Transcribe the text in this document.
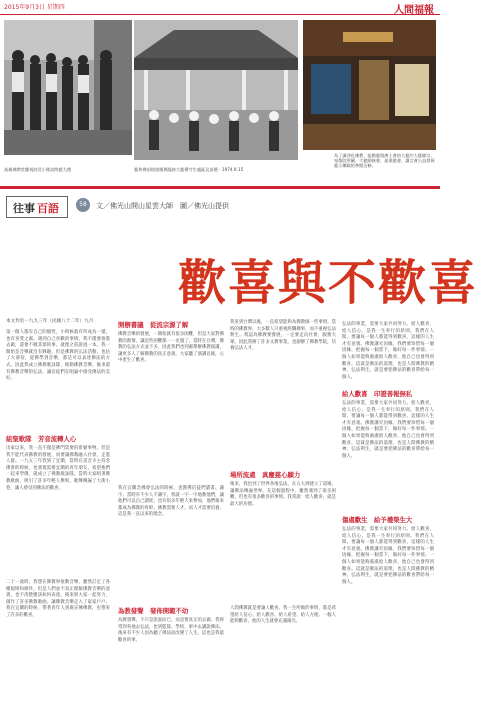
2015年9月3日 星期四	人間福報
高雄佛教堂慶祝院兒小隊訪問慈大禮	慈和佛頂陸陸鳳與臨接大慈禪寺生處區及頂禮・1974.9.15
為了讓淨化佛教，能動慈與濟土會的大慈約大慈師宗，宛都院所屬，大慈師接會，最業慈會，讓言會公益發展慈示爍殿的參閱沼修。
往事 百語	58	文／佛光山開山星雲大師　圖／佛光山提供
歡喜與不歡喜
本文作於一九九三年（民國八十二年）九月
第一個人都有自己的個性，小時候就有所成為一樣，也有喜愛之處。遇到自己喜歡的事情，我不僅要推進去做，還會不厭其煩的事。就像之前說過一本，我一開始是音樂就沒有興趣，但是佛教的弘法活動，也佔了大部份，從佛學到音樂，都是可以表達佛法的方式。因此我成立佛教歌詠隊，推動佛教音樂。後來還有佛教音樂的弘法，讓信徒們在唱誦中感受佛法的美好。
組聖歌隊　芳音流轉人心
出家以來，我一直不僅是佛門需要的新穎事物。但是我不能代表佛教的發展，而要讓佛教融入社會，走進人群。一九五三年我到了宜蘭，當時在雷音寺主持念佛會的時候，也發現需要宜蘭的青年朋友，希望他們一起來學佛，就成立了佛教歌詠隊。當時大家唱著佛教歌曲，吸引了許多年輕人參與，歌聲傳遍了大街小巷，讓人感受到佛法的歡喜。
二十一歲時，我想在佛教界推動音樂，雖然訂定了各種規則和條件。但是人們並不真正理解佛教音樂的意義，也不清楚應該如何表達。後來與大家一起努力，創作了許多佛教歌曲，讓佛教音樂走入了家家戶戶。我在宜蘭的時候，帶著青年人到處宣傳佛教，也帶來了許多的歡喜。
開辦書議　從流宗源了解
佛教音樂的發展，一開始就有很多困難，但是大家對佛教的熱情，讓這些困難都一一克服了。當時在台灣，佛教的弘法方式並不多，因此我們也到處舉辦佛教演講，讓更多人了解佛教的真正意義。大家聽了演講以後，心中產生了歡喜。
我在宜蘭念佛會弘法的時候，也教導信徒們讀書、識字。當時有不少人不識字，我就一字一字地教他們，讓他們可以自己讀經。也有很多年輕人來參加，他們後來都成為佛教的骨幹。佛教需要人才，而人才需要培養，這是我一直以來的理念。
為教發聲　發佈開範不幼
為教發聲，不只是說說而已，而是要真正的去做。我經常到各地去弘法，也到監獄、學校、軍中去講說佛法。後來有不少人因為聽了佛法而改變了人生。這也是我最歡喜的事。
我來到台灣以後，一直希望能夠為佛教做一些事情。當時的佛教界，大多數人只重視經懺佛事，而不重視弘法利生。我認為佛教要發展，一定要走向社會，服務大眾。因此我辦了許多文教事業，也創辦了佛教學院，培養弘法人才。
場所流處　真慶慈心願力
後來，我也到了世界各地弘法，在五大洲建立了道場，讓佛法傳遍世界。在這個過程中，雖然遇到了很多困難，但也有很多歡喜的事情。我常說：給人歡喜，就是最大的功德。
人間佛教就是要讓人歡喜。我一生所做的事情，都是希望給人信心、給人歡喜、給人希望、給人方便。一個人能夠歡喜，他的人生就會充滿陽光。
給人歡喜　印證善報無私
傷處歡生　給予禮榮生大
弘法的事業，需要大家共同努力。給人歡喜，給人信心，是我一生奉行的原則。我們在人間，要讓每一個人都能得到歡喜，這樣的人生才有意義。佛教講究因緣，我們要珍惜每一個因緣，把握每一個當下，做好每一件事情。一個人如果能夠處處給人歡喜，他自己也會得到歡喜。這就是佛法的道理，也是人間佛教的精神。弘法利生，就是要把佛法的歡喜帶給每一個人。
弘法的事業，需要大家共同努力。給人歡喜，給人信心，是我一生奉行的原則。我們在人間，要讓每一個人都能得到歡喜，這樣的人生才有意義。佛教講究因緣，我們要珍惜每一個因緣，把握每一個當下，做好每一件事情。一個人如果能夠處處給人歡喜，他自己也會得到歡喜。這就是佛法的道理，也是人間佛教的精神。弘法利生，就是要把佛法的歡喜帶給每一個人。
弘法的事業，需要大家共同努力。給人歡喜，給人信心，是我一生奉行的原則。我們在人間，要讓每一個人都能得到歡喜，這樣的人生才有意義。佛教講究因緣，我們要珍惜每一個因緣，把握每一個當下，做好每一件事情。一個人如果能夠處處給人歡喜，他自己也會得到歡喜。這就是佛法的道理，也是人間佛教的精神。弘法利生，就是要把佛法的歡喜帶給每一個人。
